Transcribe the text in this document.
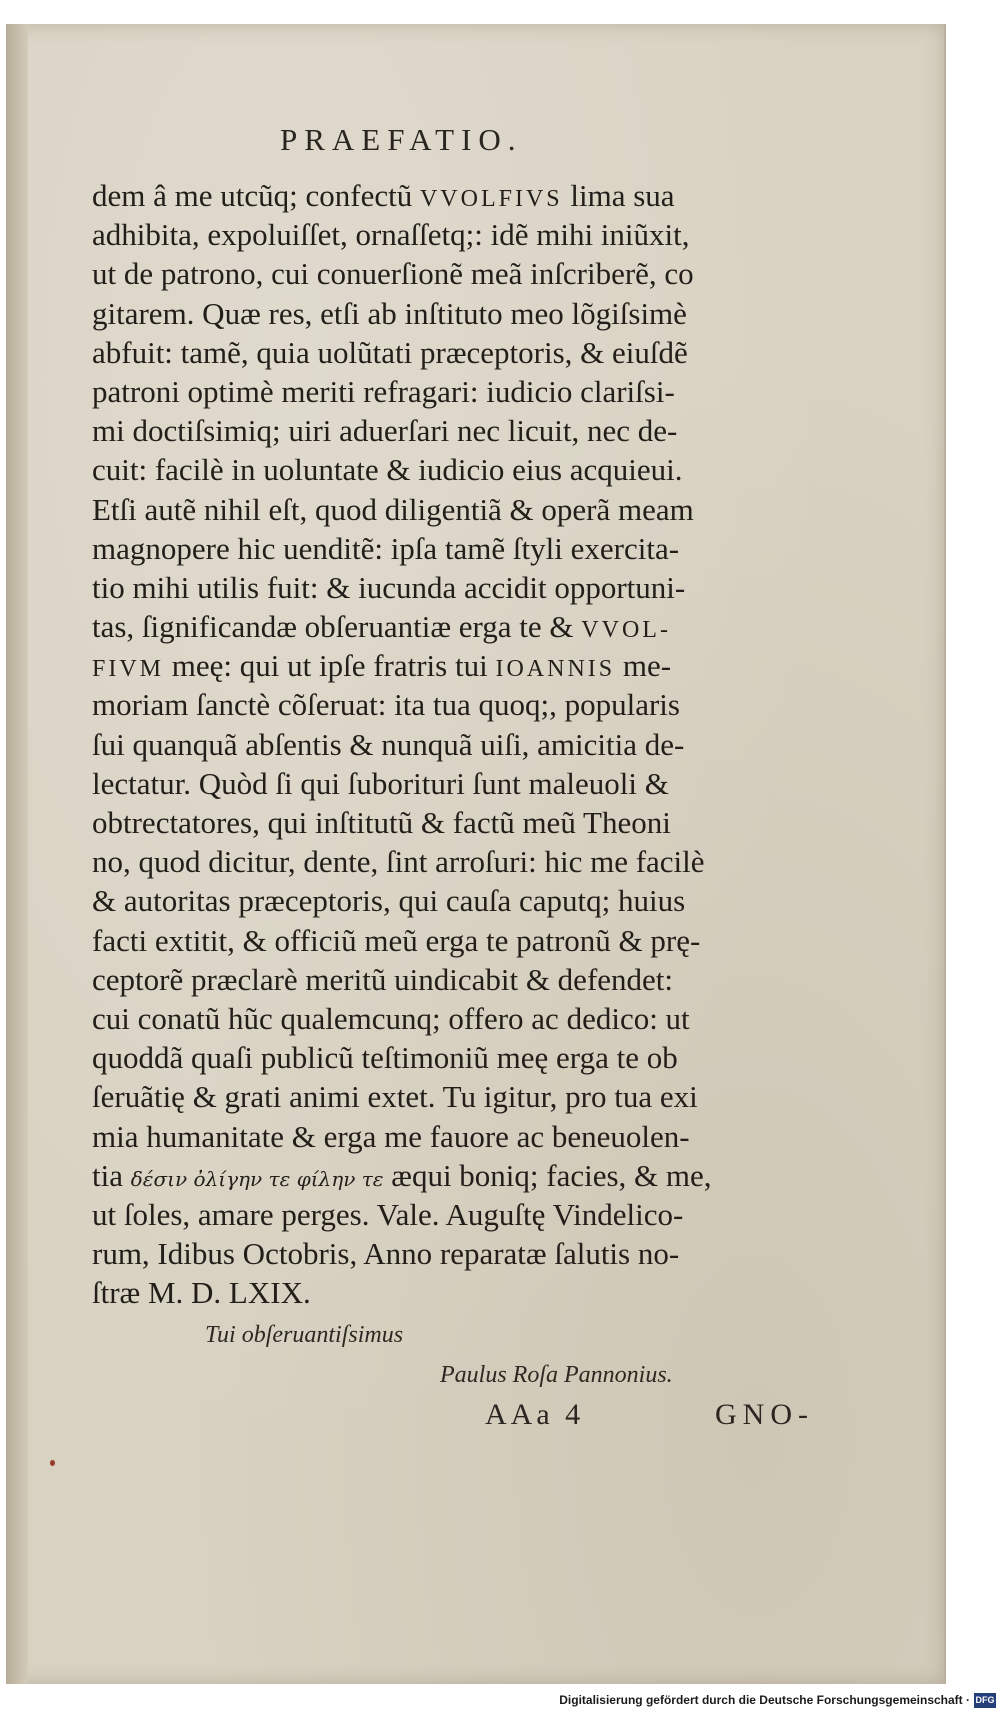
PRAEFATIO.
dem â me utcũq; confectũ VVOLFIVS lima sua
adhibita, expoluiſſet, ornaſſetq;: idẽ mihi iniũxit,
ut de patrono, cui conuerſionẽ meã inſcriberẽ, co
gitarem. Quæ res, etſi ab inſtituto meo lõgiſsimè
abfuit: tamẽ, quia uolũtati præceptoris, & eiuſdẽ
patroni optimè meriti refragari: iudicio clariſsi-
mi doctiſsimiq; uiri aduerſari nec licuit, nec de-
cuit: facilè in uoluntate & iudicio eius acquieui.
Etſi autẽ nihil eſt, quod diligentiã & operã meam
magnopere hic uenditẽ: ipſa tamẽ ſtyli exercita-
tio mihi utilis fuit: & iucunda accidit opportuni-
tas, ſignificandæ obſeruantiæ erga te & VVOL-
FIVM meę: qui ut ipſe fratris tui IOANNIS me-
moriam ſanctè cõſeruat: ita tua quoq;, popularis
ſui quanquã abſentis & nunquã uiſi, amicitia de-
lectatur. Quòd ſi qui ſuborituri ſunt maleuoli &
obtrectatores, qui inſtitutũ & factũ meũ Theoni
no, quod dicitur, dente, ſint arroſuri: hic me facilè
& autoritas præceptoris, qui cauſa caputq; huius
facti extitit, & officiũ meũ erga te patronũ & prę-
ceptorẽ præclarè meritũ uindicabit & defendet:
cui conatũ hũc qualemcunq; offero ac dedico: ut
quoddã quaſi publicũ teſtimoniũ meę erga te ob
ſeruãtię & grati animi extet. Tu igitur, pro tua exi
mia humanitate & erga me fauore ac beneuolen-
tia δέσιν ὀλίγην τε φίλην τε æqui boniq; facies, & me,
ut ſoles, amare perges. Vale. Auguſtę Vindelico-
rum, Idibus Octobris, Anno reparatæ ſalutis no-
ſtræ M. D. LXIX.
Tui obſeruantiſsimus
Paulus Roſa Pannonius.
AAa 4	GNO-
Digitalisierung gefördert durch die Deutsche Forschungsgemeinschaft · DFG
